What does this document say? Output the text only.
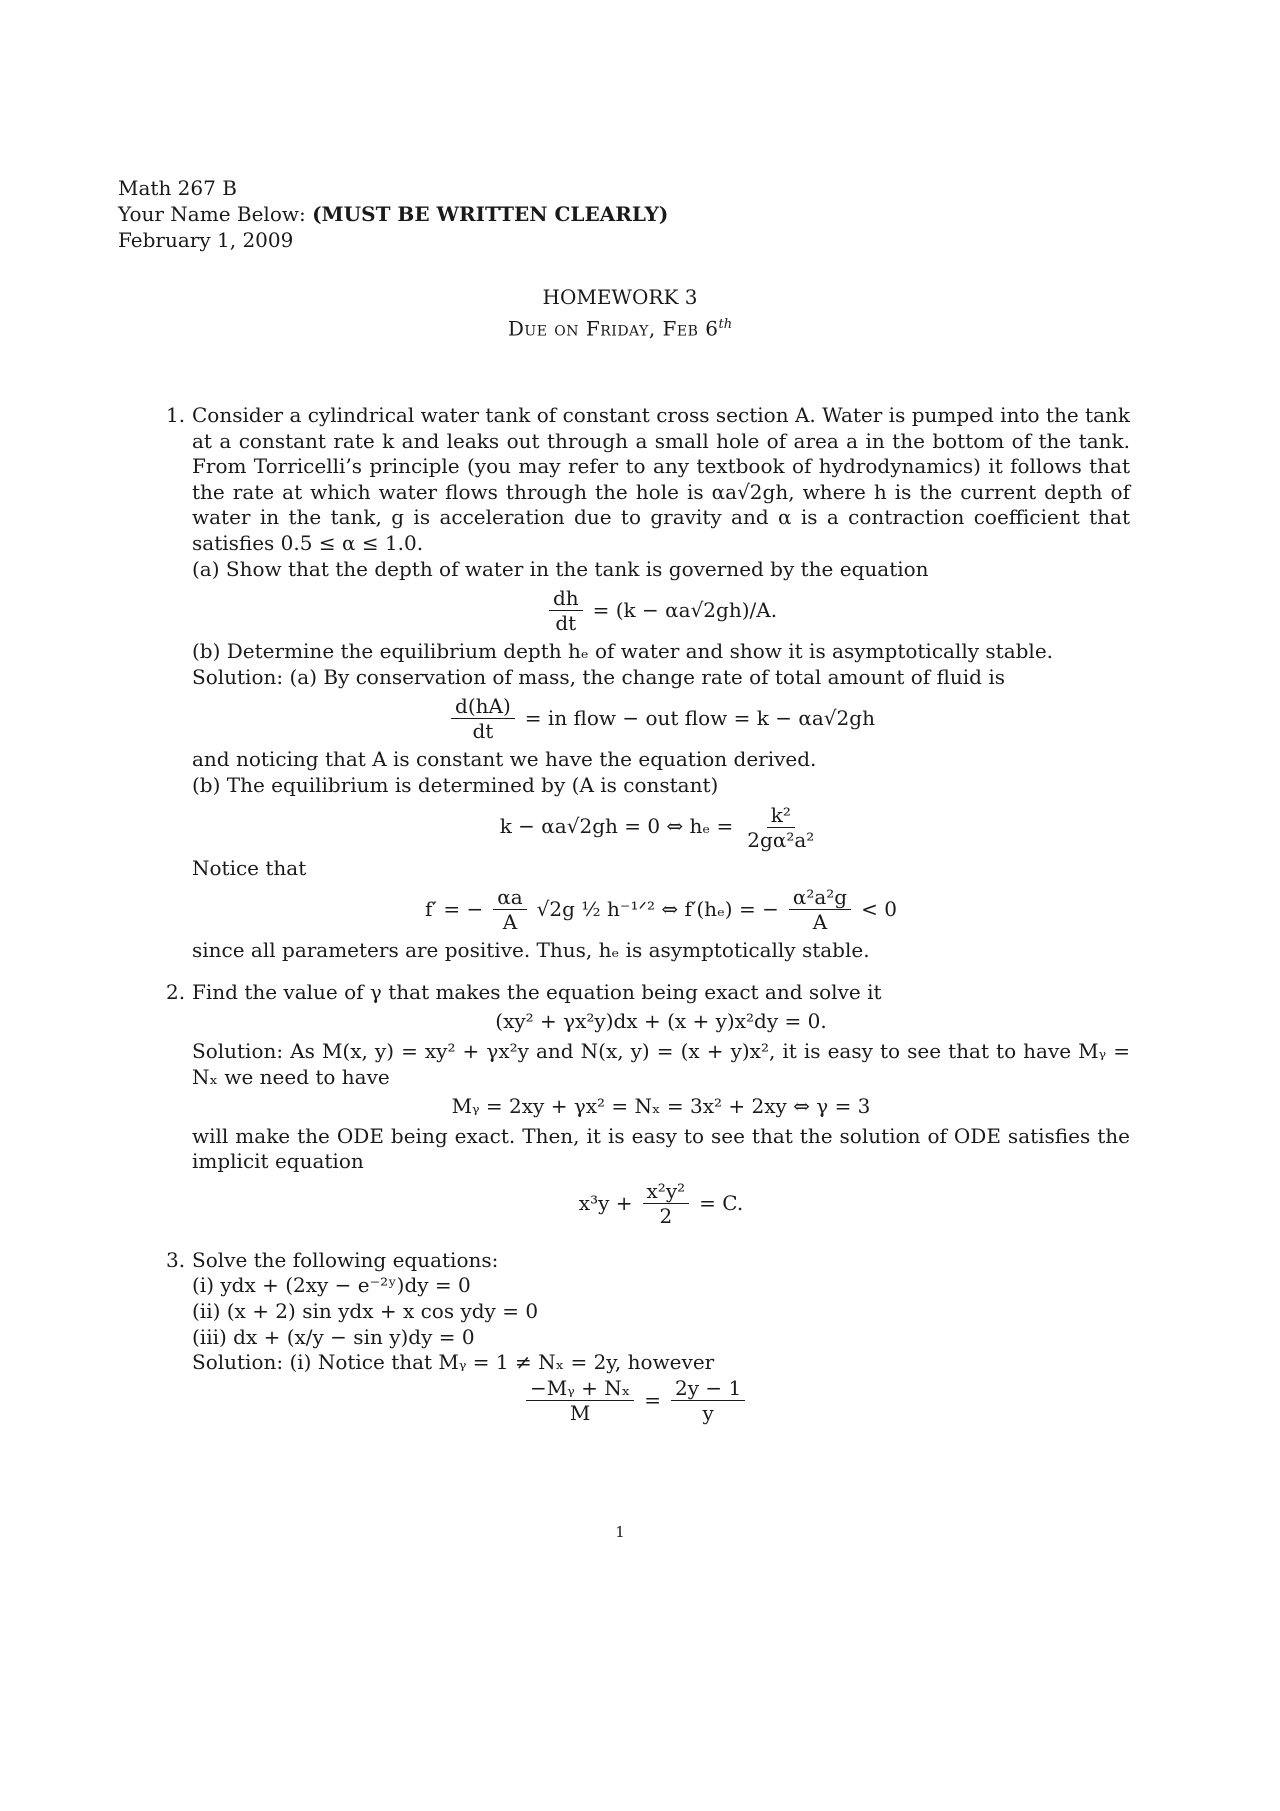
Math 267 B
Your Name Below: (MUST BE WRITTEN CLEARLY)
February 1, 2009
HOMEWORK 3
Due on Friday, Feb 6th
1. Consider a cylindrical water tank of constant cross section A. Water is pumped into the tank at a constant rate k and leaks out through a small hole of area a in the bottom of the tank. From Torricelli’s principle (you may refer to any textbook of hydrodynamics) it follows that the rate at which water flows through the hole is αa√2gh, where h is the current depth of water in the tank, g is acceleration due to gravity and α is a contraction coefficient that satisfies 0.5 ≤ α ≤ 1.0.
(a) Show that the depth of water in the tank is governed by the equation
$\frac{dh}{dt} = (k - \alpha a√2gh)/A$.
(b) Determine the equilibrium depth hₑ of water and show it is asymptotically stable.
Solution: (a) By conservation of mass, the change rate of total amount of fluid is
$\frac{d(hA)}{dt}$ = in flow − out flow = k − αa√2gh
and noticing that A is constant we have the equation derived.
(b) The equilibrium is determined by (A is constant)
k − αa√2gh = 0 ⇔ $h_e = \frac{\text{k²}}{\text{2gα²a²}}$
Notice that
f′ = − $\frac{\alpha a}{A} √2g$ ½ h⁻¹ᐟ² ⇔ f′(hₑ) = − $\frac{\text{α²a²g}}{A} < 0$
since all parameters are positive. Thus, hₑ is asymptotically stable.
2. Find the value of γ that makes the equation being exact and solve it
(xy² + γx²y)dx + (x + y)x²dy = 0.
Solution: As M(x, y) = xy² + γx²y and N(x, y) = (x + y)x², it is easy to see that to have Mᵧ = Nₓ we need to have
Mᵧ = 2xy + γx² = Nₓ = 3x² + 2xy ⇔ γ = 3
will make the ODE being exact. Then, it is easy to see that the solution of ODE satisfies the implicit equation
$x^3y + \frac{\text{x²y²}}{2} = C$.
3. Solve the following equations:
(i) ydx + (2xy − e⁻²ʸ)dy = 0
(ii) (x + 2) sin ydx + x cos ydy = 0
(iii) dx + (x/y − sin y)dy = 0
Solution: (i) Notice that Mᵧ = 1 ≠ Nₓ = 2y, however
$\frac{\text{−Mᵧ + Nₓ}}{M} = \frac{2y - 1}{y}$
1
